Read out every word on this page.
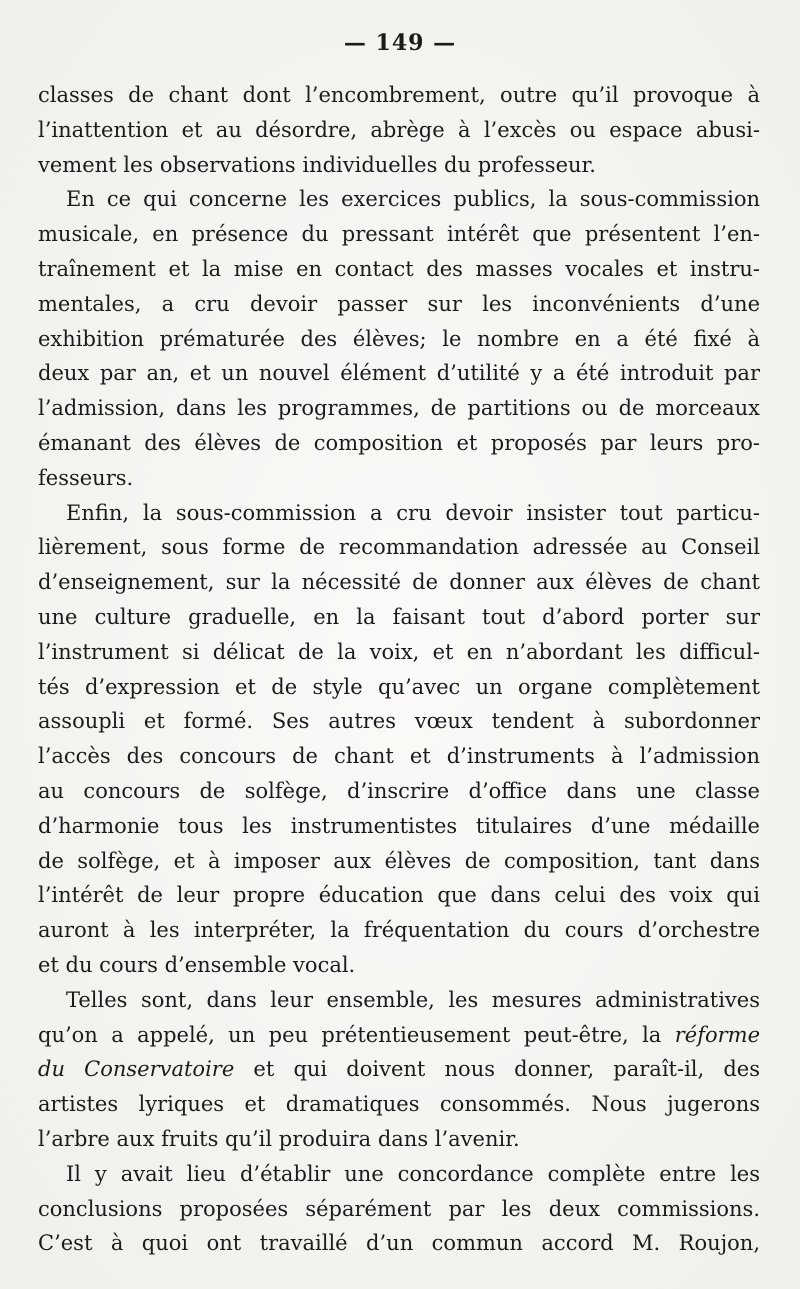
— 149 —
classes de chant dont l’encombrement, outre qu’il provoque à
l’inattention et au désordre, abrège à l’excès ou espace abusi-
vement les observations individuelles du professeur.
En ce qui concerne les exercices publics, la sous-commission
musicale, en présence du pressant intérêt que présentent l’en-
traînement et la mise en contact des masses vocales et instru-
mentales, a cru devoir passer sur les inconvénients d’une
exhibition prématurée des élèves; le nombre en a été fixé à
deux par an, et un nouvel élément d’utilité y a été introduit par
l’admission, dans les programmes, de partitions ou de morceaux
émanant des élèves de composition et proposés par leurs pro-
fesseurs.
Enfin, la sous-commission a cru devoir insister tout particu-
lièrement, sous forme de recommandation adressée au Conseil
d’enseignement, sur la nécessité de donner aux élèves de chant
une culture graduelle, en la faisant tout d’abord porter sur
l’instrument si délicat de la voix, et en n’abordant les difficul-
tés d’expression et de style qu’avec un organe complètement
assoupli et formé. Ses autres vœux tendent à subordonner
l’accès des concours de chant et d’instruments à l’admission
au concours de solfège, d’inscrire d’office dans une classe
d’harmonie tous les instrumentistes titulaires d’une médaille
de solfège, et à imposer aux élèves de composition, tant dans
l’intérêt de leur propre éducation que dans celui des voix qui
auront à les interpréter, la fréquentation du cours d’orchestre
et du cours d’ensemble vocal.
Telles sont, dans leur ensemble, les mesures administratives
qu’on a appelé, un peu prétentieusement peut-être, la réforme
du Conservatoire et qui doivent nous donner, paraît-il, des
artistes lyriques et dramatiques consommés. Nous jugerons
l’arbre aux fruits qu’il produira dans l’avenir.
Il y avait lieu d’établir une concordance complète entre les
conclusions proposées séparément par les deux commissions.
C’est à quoi ont travaillé d’un commun accord M. Roujon,
